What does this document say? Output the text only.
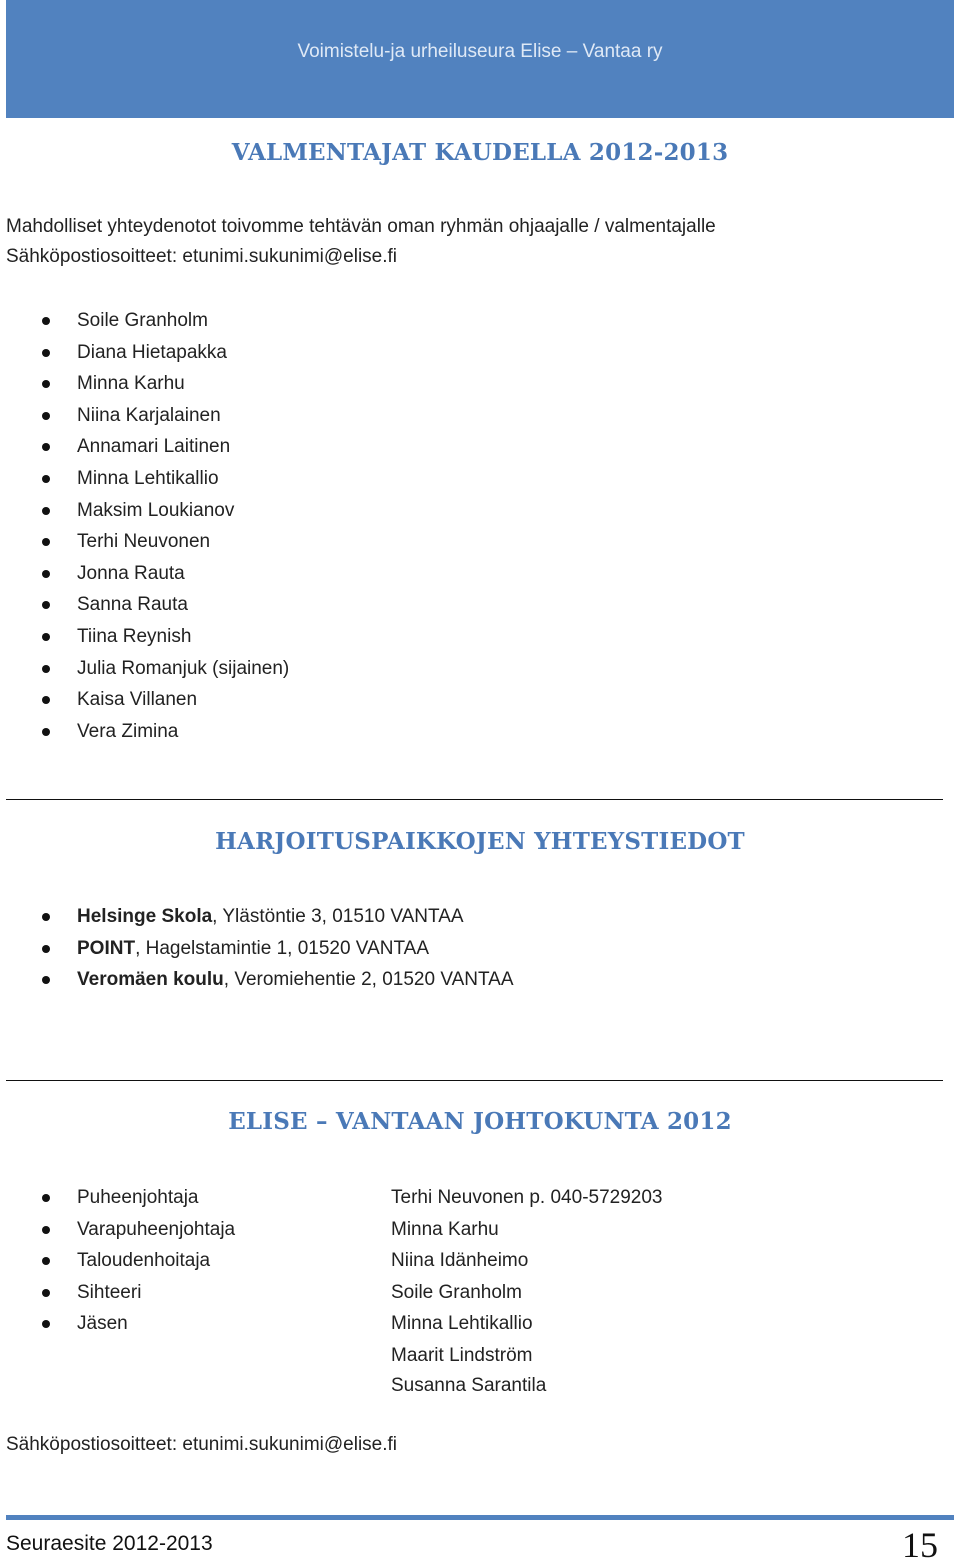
Voimistelu-ja urheiluseura Elise – Vantaa ry
VALMENTAJAT KAUDELLA 2012-2013
Mahdolliset yhteydenotot toivomme tehtävän oman ryhmän ohjaajalle / valmentajalle
Sähköpostiosoitteet: etunimi.sukunimi@elise.fi
Soile Granholm
Diana Hietapakka
Minna Karhu
Niina Karjalainen
Annamari Laitinen
Minna Lehtikallio
Maksim Loukianov
Terhi Neuvonen
Jonna Rauta
Sanna Rauta
Tiina Reynish
Julia Romanjuk (sijainen)
Kaisa Villanen
Vera Zimina
HARJOITUSPAIKKOJEN YHTEYSTIEDOT
Helsinge Skola, Ylästöntie 3, 01510 VANTAA
POINT, Hagelstamintie 1, 01520 VANTAA
Veromäen koulu, Veromiehentie 2, 01520 VANTAA
ELISE – VANTAAN JOHTOKUNTA 2012
Puheenjohtaja	Terhi Neuvonen p. 040-5729203
Varapuheenjohtaja	Minna Karhu
Taloudenhoitaja	Niina Idänheimo
Sihteeri	Soile Granholm
Jäsen	Minna Lehtikallio
Maarit Lindström
Susanna Sarantila
Sähköpostiosoitteet: etunimi.sukunimi@elise.fi
Seuraesite 2012-2013	15
